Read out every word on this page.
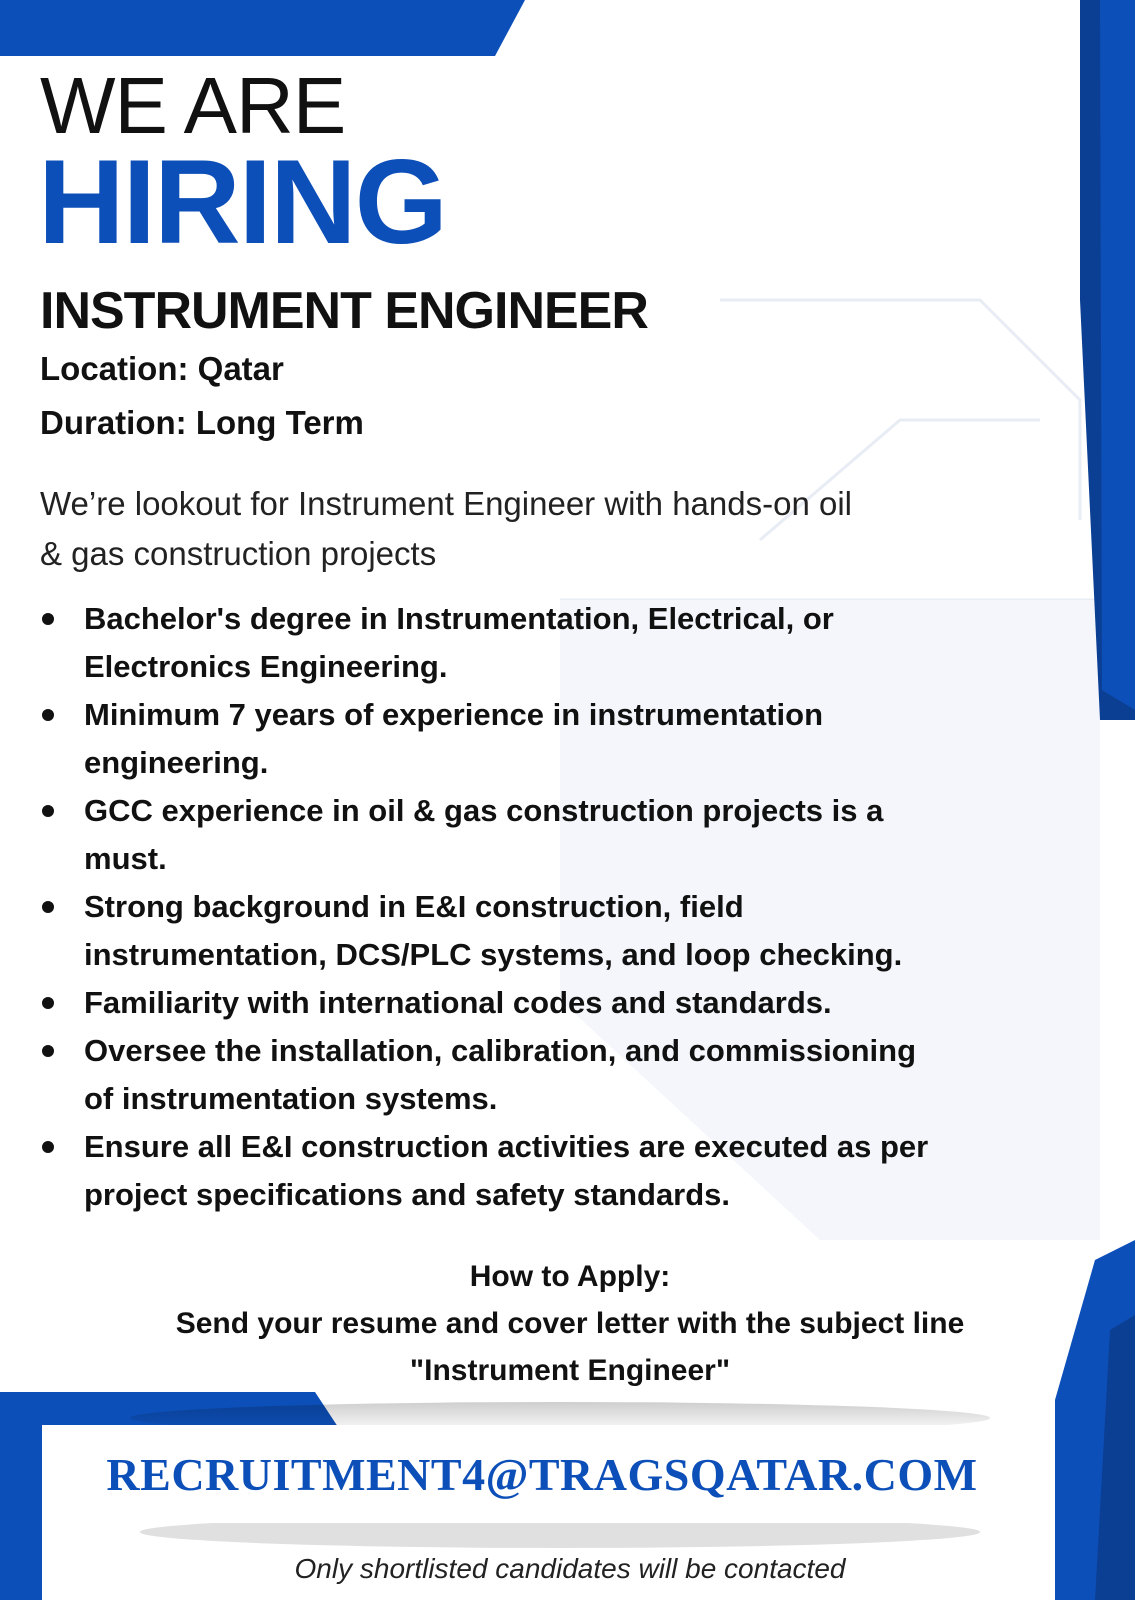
WE ARE
HIRING
INSTRUMENT ENGINEER
Location: Qatar
Duration: Long Term

We’re lookout for Instrument Engineer with hands-on oil
& gas construction projects

Bachelor's degree in Instrumentation, Electrical, or
Electronics Engineering.
Minimum 7 years of experience in instrumentation
engineering.
GCC experience in oil & gas construction projects is a
must.
Strong background in E&I construction, field
instrumentation, DCS/PLC systems, and loop checking.
Familiarity with international codes and standards.
Oversee the installation, calibration, and commissioning
of instrumentation systems.
Ensure all E&I construction activities are executed as per
project specifications and safety standards.
How to Apply:
Send your resume and cover letter with the subject line
"Instrument Engineer"
RECRUITMENT4@TRAGSQATAR.COM
Only shortlisted candidates will be contacted
